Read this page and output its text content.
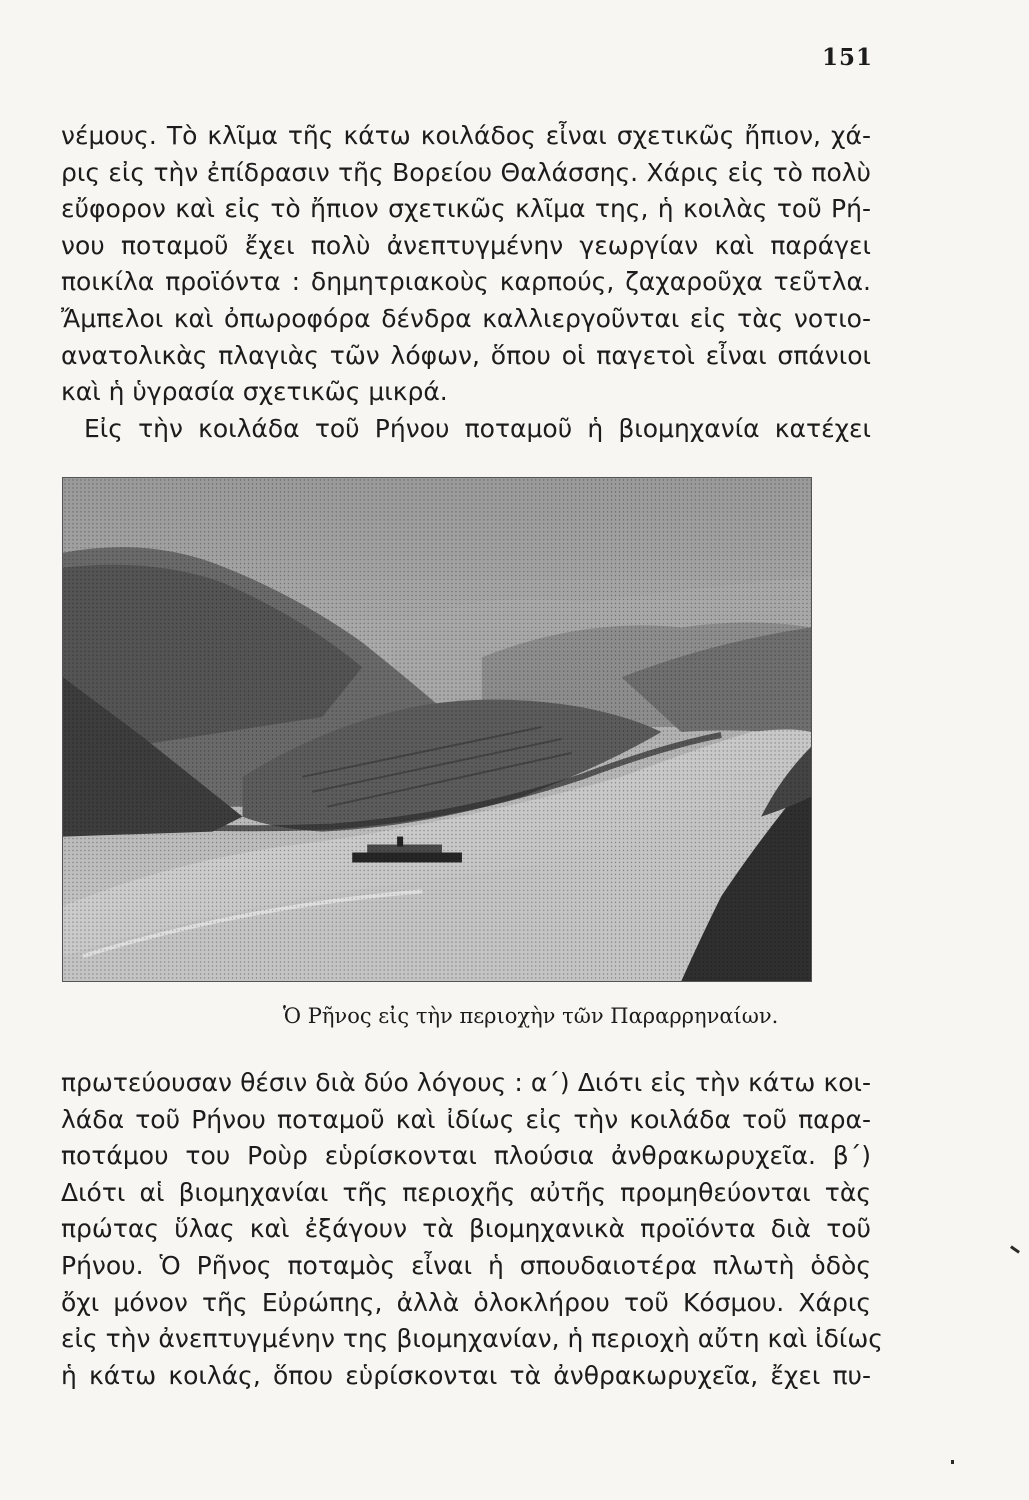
151
νέμους. Τὸ κλῖμα τῆς κάτω κοιλάδος εἶναι σχετικῶς ἤπιον, χά-
ρις εἰς τὴν ἐπίδρασιν τῆς Βορείου Θαλάσσης. Χάρις εἰς τὸ πολὺ
εὔφορον καὶ εἰς τὸ ἤπιον σχετικῶς κλῖμα της, ἡ κοιλὰς τοῦ Ρή-
νου ποταμοῦ ἔχει πολὺ ἀνεπτυγμένην γεωργίαν καὶ παράγει
ποικίλα προϊόντα : δημητριακοὺς καρπούς, ζαχαροῦχα τεῦτλα.
Ἄμπελοι καὶ ὀπωροφόρα δένδρα καλλιεργοῦνται εἰς τὰς νοτιο-
ανατολικὰς πλαγιὰς τῶν λόφων, ὅπου οἱ παγετοὶ εἶναι σπάνιοι
καὶ ἡ ὑγρασία σχετικῶς μικρά.
Εἰς τὴν κοιλάδα τοῦ Ρήνου ποταμοῦ ἡ βιομηχανία κατέχει
Ὁ Ρῆνος εἰς τὴν περιοχὴν τῶν Παραρρηναίων.
πρωτεύουσαν θέσιν διὰ δύο λόγους : α΄) Διότι εἰς τὴν κάτω κοι-
λάδα τοῦ Ρήνου ποταμοῦ καὶ ἰδίως εἰς τὴν κοιλάδα τοῦ παρα-
ποτάμου του Ροὺρ εὑρίσκονται πλούσια ἀνθρακωρυχεῖα. β΄)
Διότι αἱ βιομηχανίαι τῆς περιοχῆς αὐτῆς προμηθεύονται τὰς
πρώτας ὕλας καὶ ἐξάγουν τὰ βιομηχανικὰ προϊόντα διὰ τοῦ
Ρήνου. Ὁ Ρῆνος ποταμὸς εἶναι ἡ σπουδαιοτέρα πλωτὴ ὁδὸς
ὄχι μόνον τῆς Εὐρώπης, ἀλλὰ ὁλοκλήρου τοῦ Κόσμου. Χάρις
εἰς τὴν ἀνεπτυγμένην της βιομηχανίαν, ἡ περιοχὴ αὔτη καὶ ἰδίως
ἡ κάτω κοιλάς, ὅπου εὑρίσκονται τὰ ἀνθρακωρυχεῖα, ἔχει πυ-
